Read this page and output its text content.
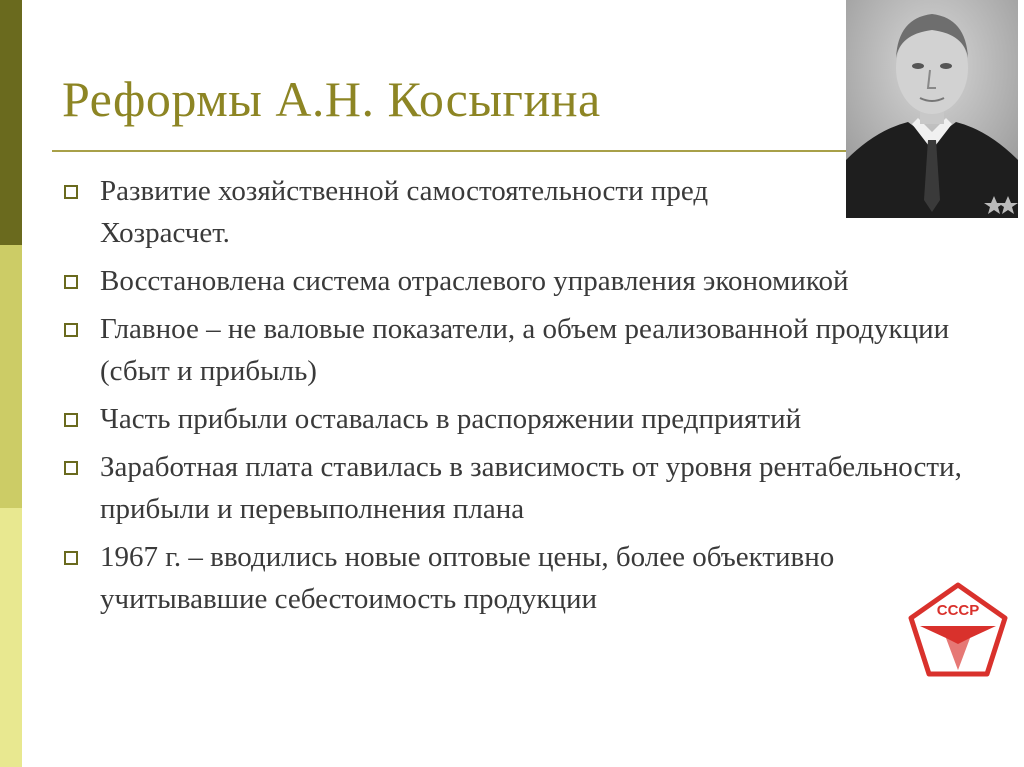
Реформы А.Н. Косыгина
Развитие хозяйственной самостоятельности пред
Хозрасчет.
Восстановлена система отраслевого управления экономикой
Главное – не валовые показатели, а объем реализованной продукции (сбыт и прибыль)
Часть прибыли оставалась в распоряжении предприятий
Заработная плата ставилась в зависимость от уровня рентабельности, прибыли и перевыполнения плана
1967 г. – вводились новые оптовые цены, более объективно учитывавшие себестоимость продукции	СССР
